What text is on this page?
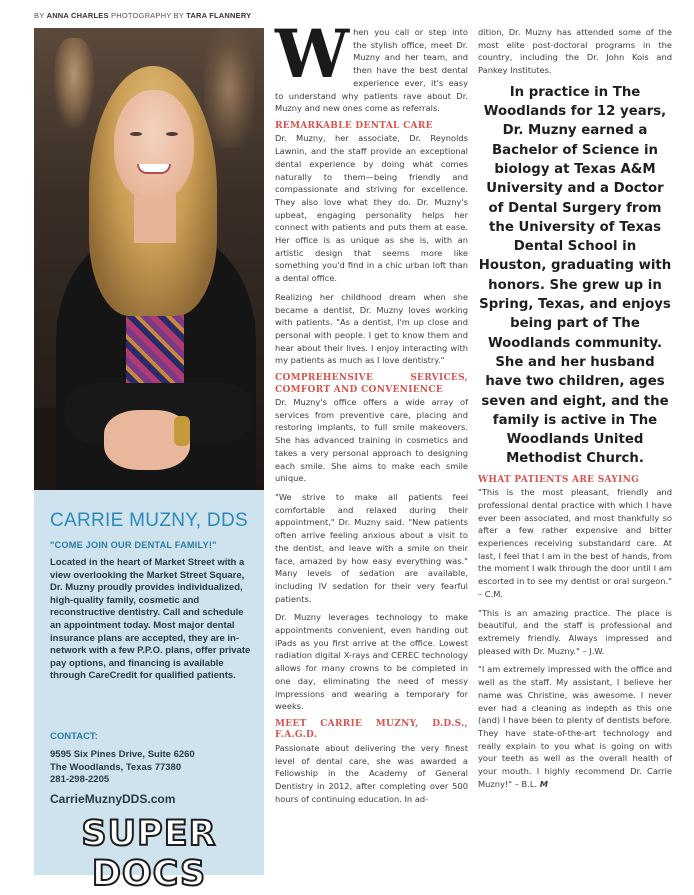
BY ANNA CHARLES PHOTOGRAPHY BY TARA FLANNERY
CARRIE MUZNY, DDS
"COME JOIN OUR DENTAL FAMILY!"
Located in the heart of Market Street with a view overlooking the Market Street Square, Dr. Muzny proudly provides individualized, high-quality family, cosmetic and reconstructive dentistry. Call and schedule an appointment today. Most major dental insurance plans are accepted, they are in-network with a few P.P.O. plans, offer private pay options, and financing is available through CareCredit for qualified patients.
CONTACT:
9595 Six Pines Drive, Suite 6260
The Woodlands, Texas 77380
281-298-2205
CarrieMuznyDDS.com
SUPER DOCS
When you call or step into the stylish office, meet Dr. Muzny and her team, and then have the best dental experience ever, it's easy to understand why patients rave about Dr. Muzny and new ones come as referrals.
REMARKABLE DENTAL CARE
Dr. Muzny, her associate, Dr. Reynolds Lawnin, and the staff provide an exceptional dental experience by doing what comes naturally to them—being friendly and compassionate and striving for excellence. They also love what they do. Dr. Muzny's upbeat, engaging personality helps her connect with patients and puts them at ease. Her office is as unique as she is, with an artistic design that seems more like something you'd find in a chic urban loft than a dental office.
Realizing her childhood dream when she became a dentist, Dr. Muzny loves working with patients. "As a dentist, I'm up close and personal with people. I get to know them and hear about their lives. I enjoy interacting with my patients as much as I love dentistry."
COMPREHENSIVE SERVICES, COMFORT AND CONVENIENCE
Dr. Muzny's office offers a wide array of services from preventive care, placing and restoring implants, to full smile makeovers. She has advanced training in cosmetics and takes a very personal approach to designing each smile. She aims to make each smile unique.
"We strive to make all patients feel comfortable and relaxed during their appointment," Dr. Muzny said. "New patients often arrive feeling anxious about a visit to the dentist, and leave with a smile on their face, amazed by how easy everything was." Many levels of sedation are available, including IV sedation for their very fearful patients.
Dr. Muzny leverages technology to make appointments convenient, even handing out iPads as you first arrive at the office. Lowest radiation digital X-rays and CEREC technology allows for many crowns to be completed in one day, eliminating the need of messy impressions and wearing a temporary for weeks.
MEET CARRIE MUZNY, D.D.S., F.A.G.D.
Passionate about delivering the very finest level of dental care, she was awarded a Fellowship in the Academy of General Dentistry in 2012, after completing over 500 hours of continuing education. In ad-
dition, Dr. Muzny has attended some of the most elite post-doctoral programs in the country, including the Dr. John Kois and Pankey Institutes.
In practice in The Woodlands for 12 years, Dr. Muzny earned a Bachelor of Science in biology at Texas A&M University and a Doctor of Dental Surgery from the University of Texas Dental School in Houston, graduating with honors. She grew up in Spring, Texas, and enjoys being part of The Woodlands community. She and her husband have two children, ages seven and eight, and the family is active in The Woodlands United Methodist Church.
WHAT PATIENTS ARE SAYING
"This is the most pleasant, friendly and professional dental practice with which I have ever been associated, and most thankfully so after a few rather expensive and bitter experiences receiving substandard care. At last, I feel that I am in the best of hands, from the moment I walk through the door until I am escorted in to see my dentist or oral surgeon." – C.M.
"This is an amazing practice. The place is beautiful, and the staff is professional and extremely friendly. Always impressed and pleased with Dr. Muzny." – J.W.
"I am extremely impressed with the office and well as the staff. My assistant, I believe her name was Christine, was awesome. I never ever had a cleaning as indepth as this one (and) I have been to plenty of dentists before. They have state-of-the-art technology and really explain to you what is going on with your teeth as well as the overall health of your mouth. I highly recommend Dr. Carrie Muzny!" – B.L. M
